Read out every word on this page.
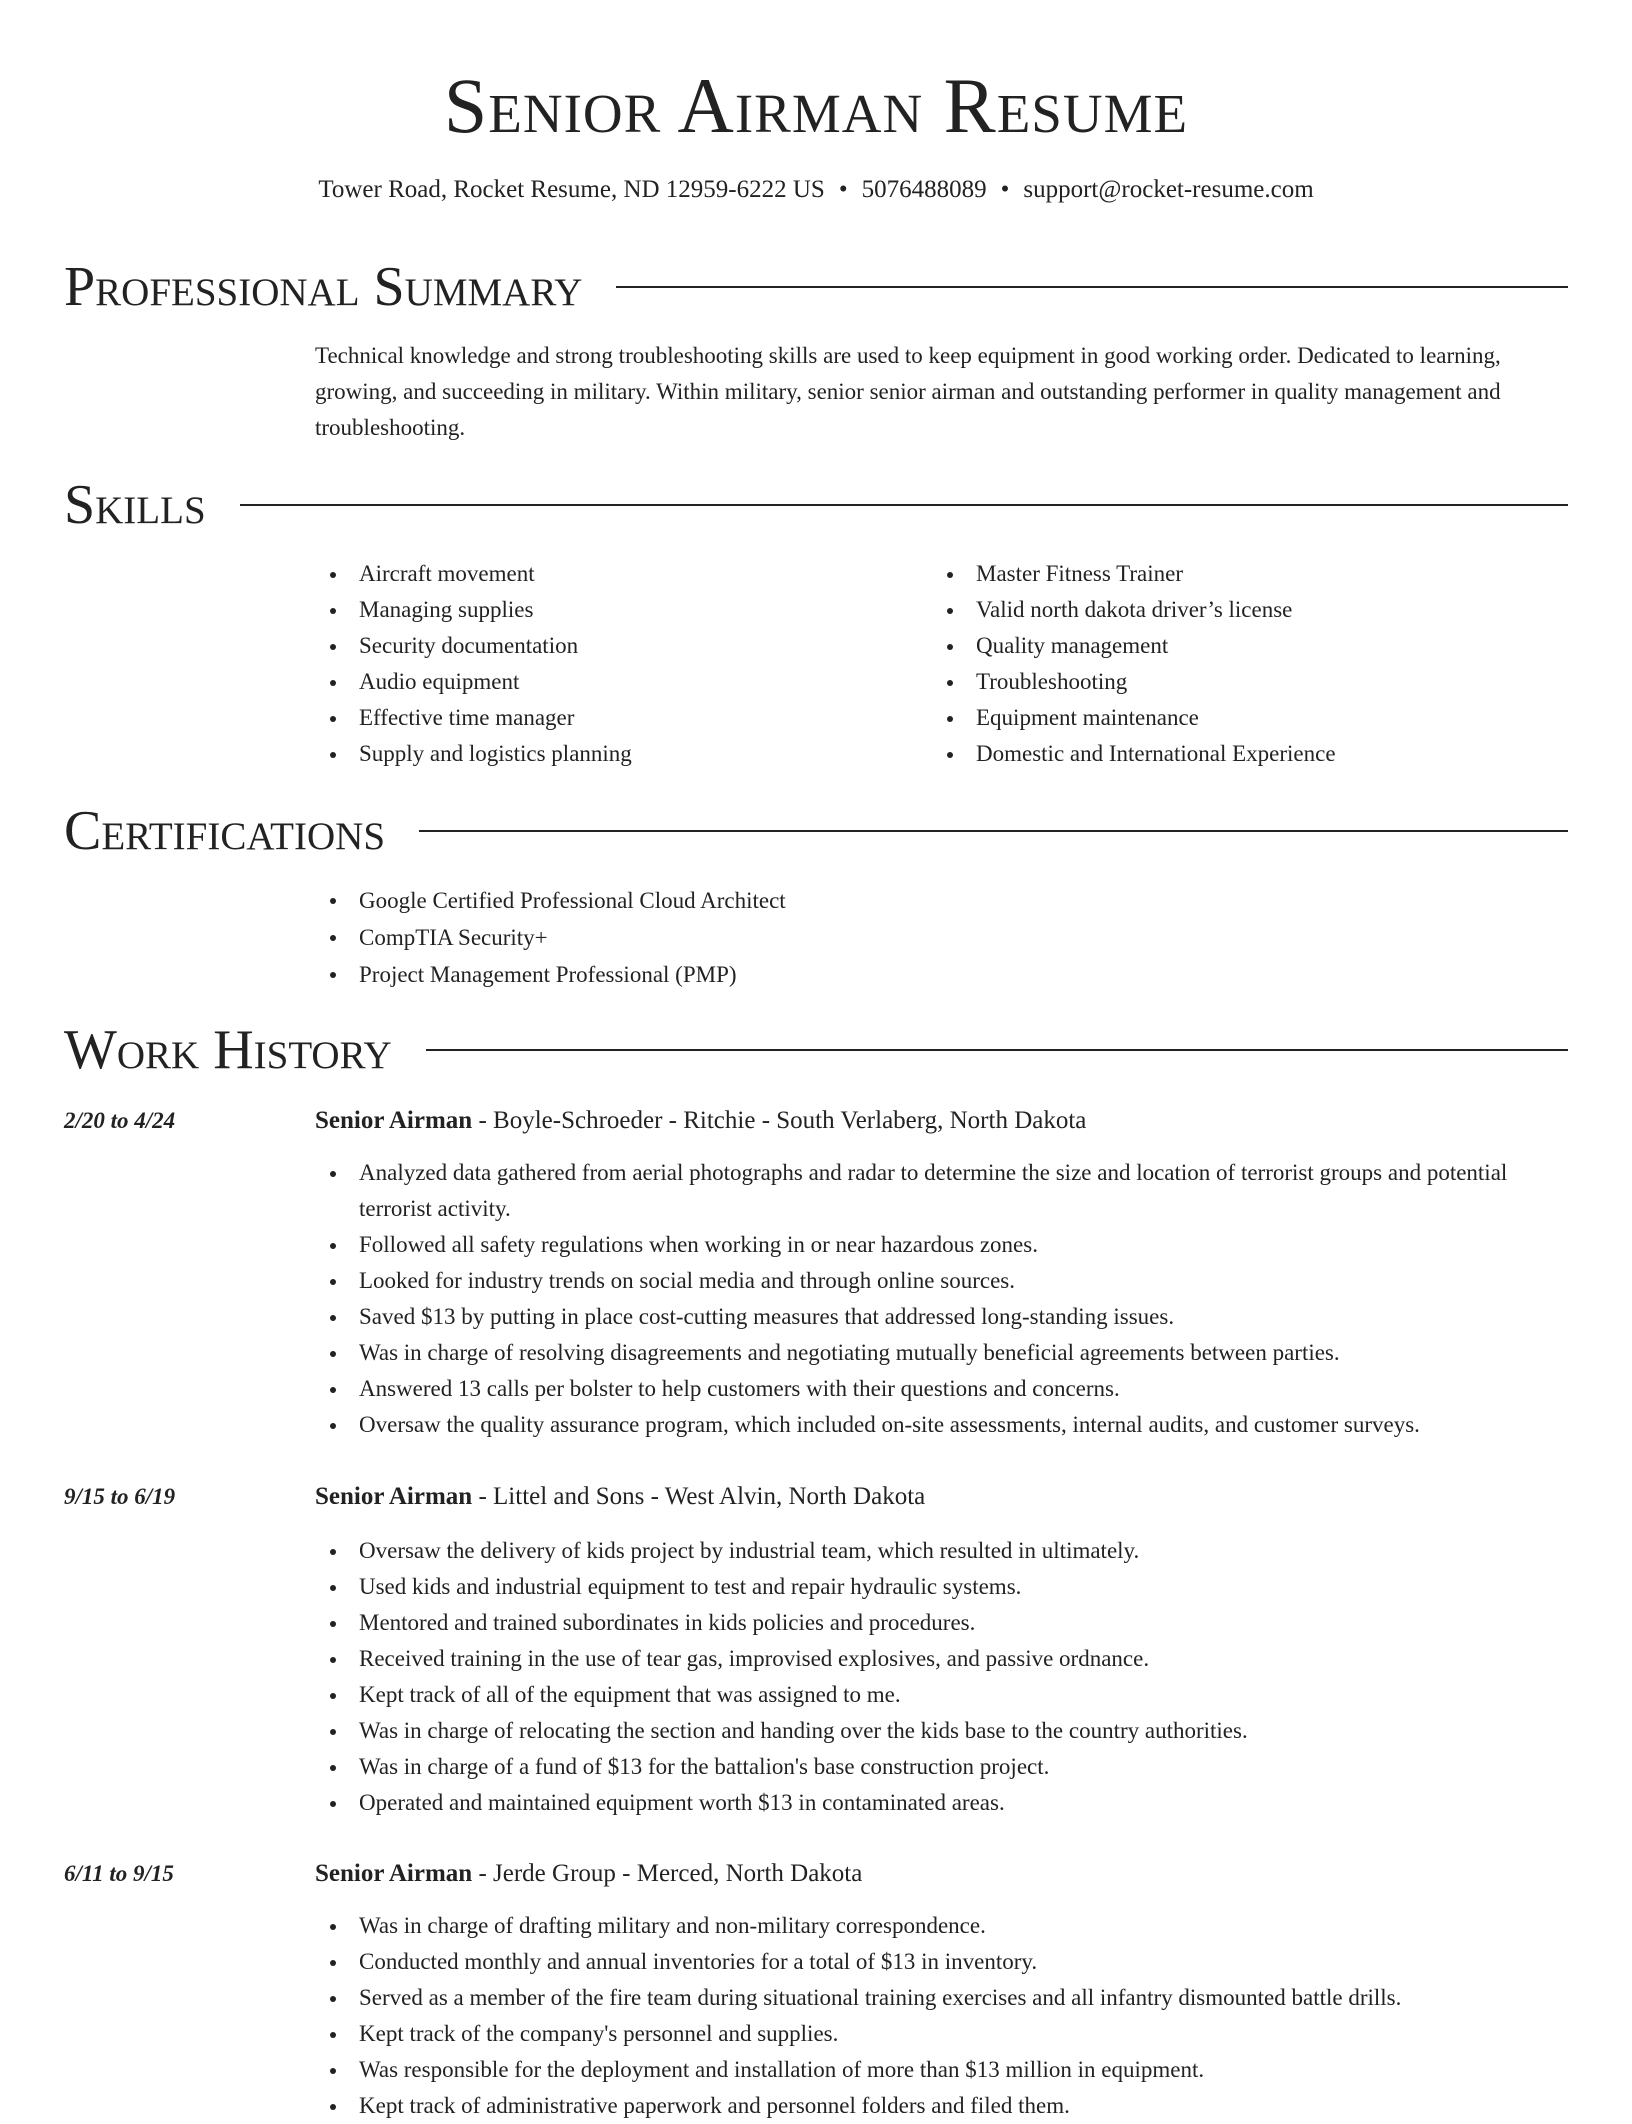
Senior Airman Resume
Tower Road, Rocket Resume, ND 12959-6222 US • 5076488089 • support@rocket-resume.com
Professional Summary

Technical knowledge and strong troubleshooting skills are used to keep equipment in good working order. Dedicated to learning, growing, and succeeding in military. Within military, senior senior airman and outstanding performer in quality management and troubleshooting.

Skills
Aircraft movement
Managing supplies
Security documentation
Audio equipment
Effective time manager
Supply and logistics planning
Master Fitness Trainer
Valid north dakota driver’s license
Quality management
Troubleshooting
Equipment maintenance
Domestic and International Experience
Certifications
Google Certified Professional Cloud Architect
CompTIA Security+
Project Management Professional (PMP)
Work History
2/20 to 4/24	Senior Airman - Boyle-Schroeder - Ritchie - South Verlaberg, North Dakota
Analyzed data gathered from aerial photographs and radar to determine the size and location of terrorist groups and potential terrorist activity.
Followed all safety regulations when working in or near hazardous zones.
Looked for industry trends on social media and through online sources.
Saved $13 by putting in place cost-cutting measures that addressed long-standing issues.
Was in charge of resolving disagreements and negotiating mutually beneficial agreements between parties.
Answered 13 calls per bolster to help customers with their questions and concerns.
Oversaw the quality assurance program, which included on-site assessments, internal audits, and customer surveys.
9/15 to 6/19	Senior Airman - Littel and Sons - West Alvin, North Dakota
Oversaw the delivery of kids project by industrial team, which resulted in ultimately.
Used kids and industrial equipment to test and repair hydraulic systems.
Mentored and trained subordinates in kids policies and procedures.
Received training in the use of tear gas, improvised explosives, and passive ordnance.
Kept track of all of the equipment that was assigned to me.
Was in charge of relocating the section and handing over the kids base to the country authorities.
Was in charge of a fund of $13 for the battalion's base construction project.
Operated and maintained equipment worth $13 in contaminated areas.
6/11 to 9/15	Senior Airman - Jerde Group - Merced, North Dakota
Was in charge of drafting military and non-military correspondence.
Conducted monthly and annual inventories for a total of $13 in inventory.
Served as a member of the fire team during situational training exercises and all infantry dismounted battle drills.
Kept track of the company's personnel and supplies.
Was responsible for the deployment and installation of more than $13 million in equipment.
Kept track of administrative paperwork and personnel folders and filed them.
